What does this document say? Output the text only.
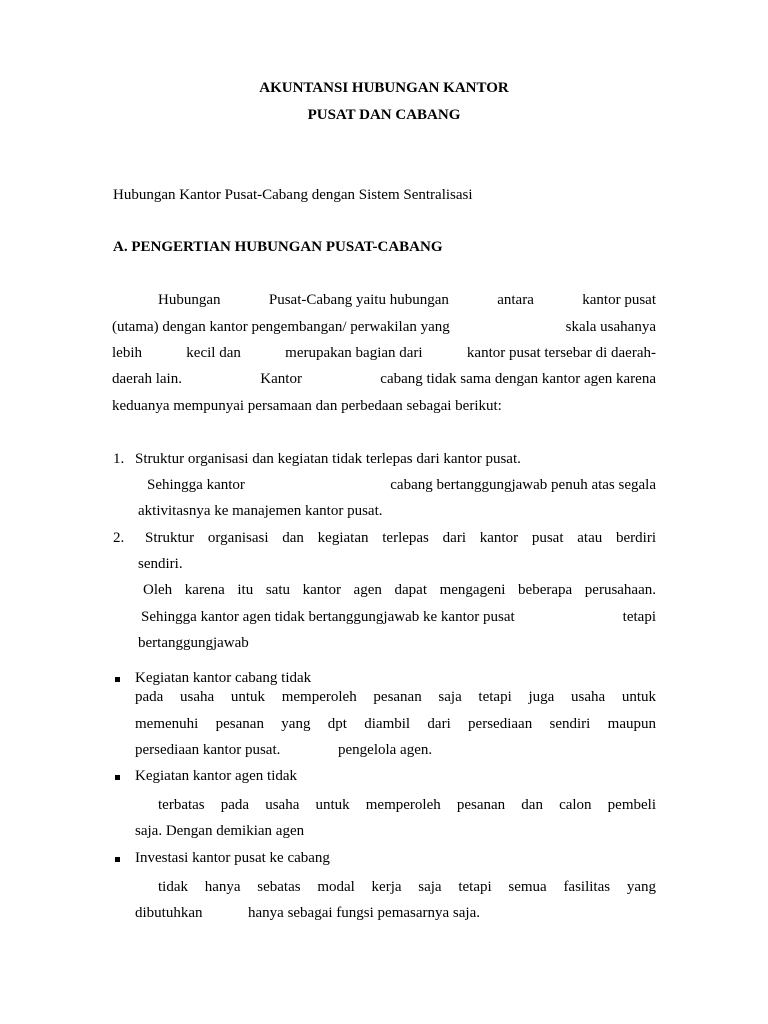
AKUNTANSI HUBUNGAN KANTOR
PUSAT DAN CABANG
Hubungan Kantor Pusat-Cabang dengan Sistem Sentralisasi
A. PENGERTIAN HUBUNGAN PUSAT-CABANG
Hubungan	Pusat-Cabang yaitu hubungan	antara	kantor pusat
(utama) dengan kantor pengembangan/ perwakilan yang	skala usahanya
lebih	kecil dan	merupakan bagian dari	kantor pusat tersebar di daerah-
daerah lain.	Kantor	cabang tidak sama dengan kantor agen karena
keduanya mempunyai persamaan dan perbedaan sebagai berikut:
1. Struktur organisasi dan kegiatan tidak terlepas dari kantor pusat.
Sehingga kantor	cabang bertanggungjawab penuh atas segala
aktivitasnya ke manajemen kantor pusat.
2. Struktur organisasi dan kegiatan terlepas dari kantor pusat atau berdiri
sendiri.
Oleh karena itu satu kantor agen dapat mengageni beberapa perusahaan.
Sehingga kantor agen tidak bertanggungjawab ke kantor pusat	tetapi
bertanggungjawab
Kegiatan kantor cabang tidak
pada usaha untuk memperoleh pesanan saja tetapi juga usaha untuk
memenuhi pesanan yang dpt diambil dari persediaan sendiri maupun
persediaan kantor pusat.	pengelola agen.
Kegiatan kantor agen tidak
terbatas pada usaha untuk memperoleh pesanan dan calon pembeli
saja. Dengan demikian agen
Investasi kantor pusat ke cabang
tidak hanya sebatas modal kerja saja tetapi semua fasilitas yang
dibutuhkan	hanya sebagai fungsi pemasarnya saja.
